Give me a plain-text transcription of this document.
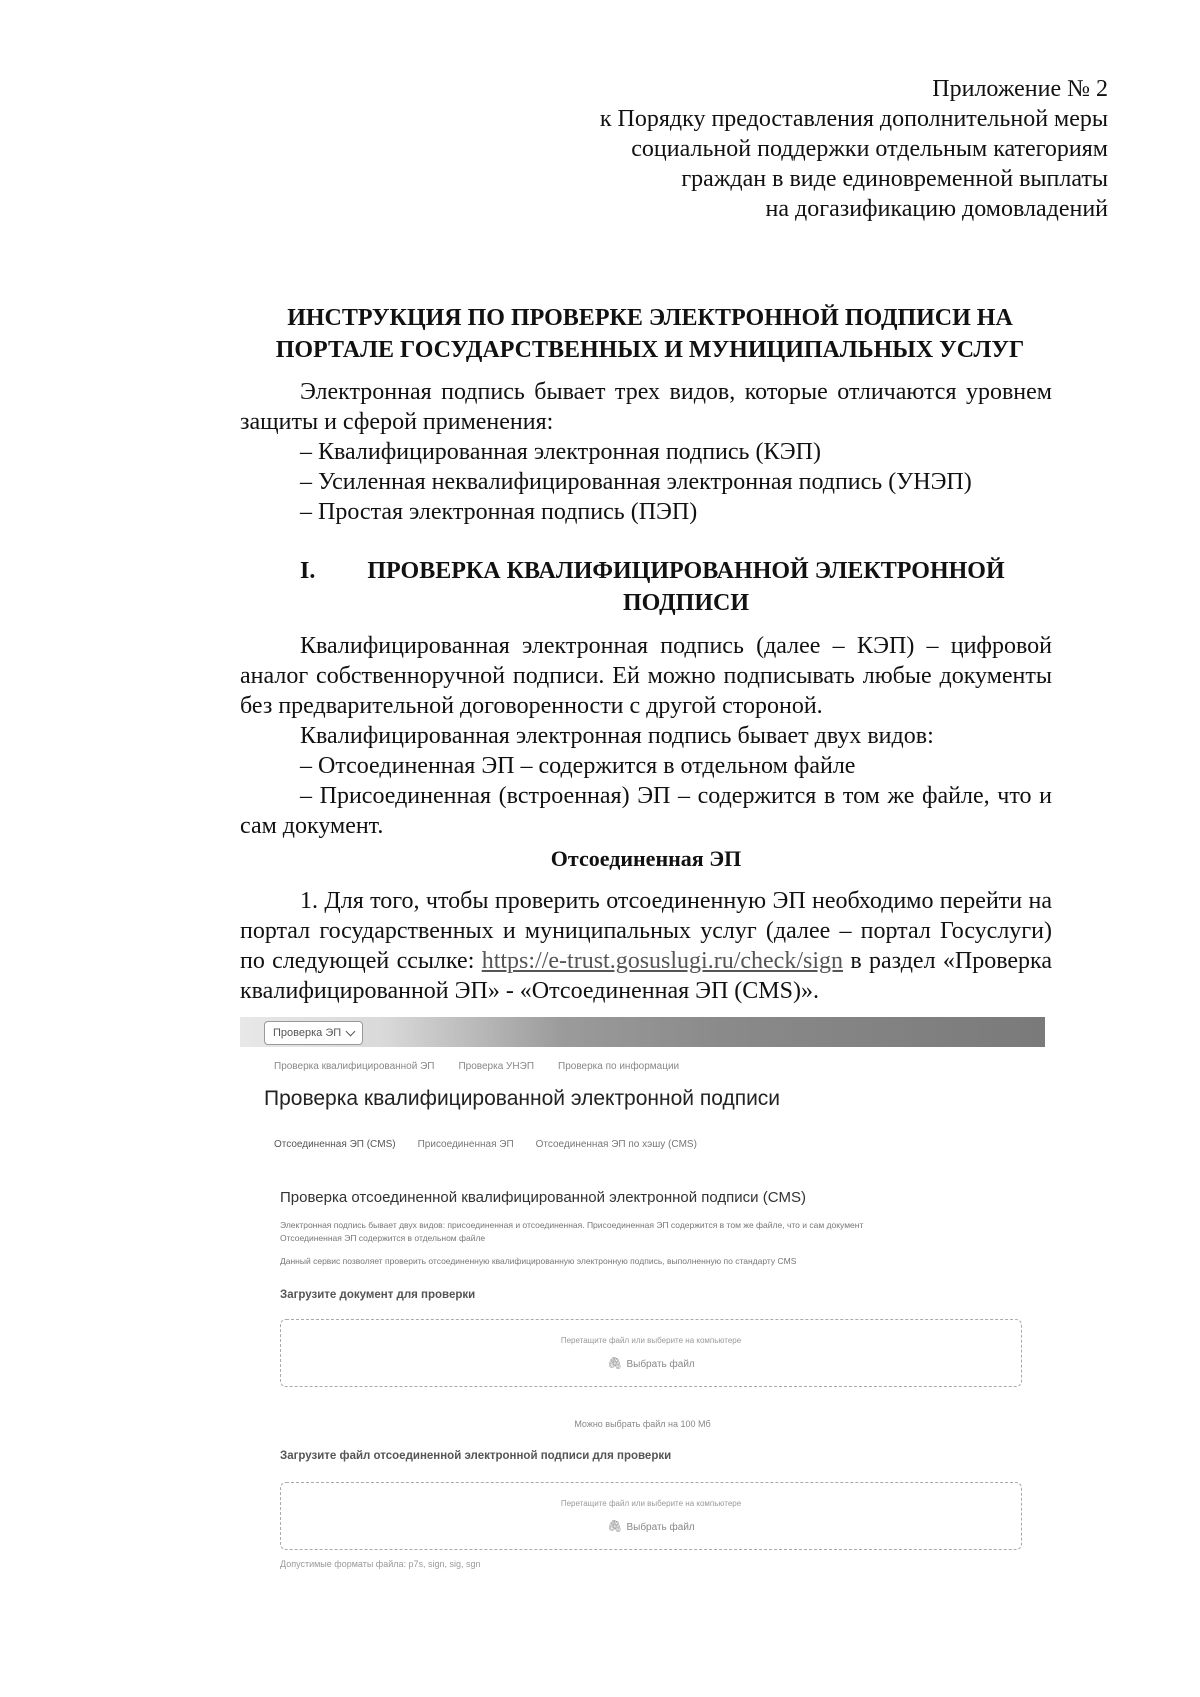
Приложение № 2
к Порядку предоставления дополнительной меры
социальной поддержки отдельным категориям
граждан в виде единовременной выплаты
на догазификацию домовладений
ИНСТРУКЦИЯ ПО ПРОВЕРКЕ ЭЛЕКТРОННОЙ ПОДПИСИ НА
ПОРТАЛЕ ГОСУДАРСТВЕННЫХ И МУНИЦИПАЛЬНЫХ УСЛУГ
Электронная подпись бывает трех видов, которые отличаются уровнем защиты и сферой применения:
– Квалифицированная электронная подпись (КЭП)
– Усиленная неквалифицированная электронная подпись (УНЭП)
– Простая электронная подпись (ПЭП)
I.	ПРОВЕРКА КВАЛИФИЦИРОВАННОЙ ЭЛЕКТРОННОЙ
ПОДПИСИ
Квалифицированная электронная подпись (далее – КЭП) – цифровой аналог собственноручной подписи. Ей можно подписывать любые документы без предварительной договоренности с другой стороной.
Квалифицированная электронная подпись бывает двух видов:
– Отсоединенная ЭП – содержится в отдельном файле
– Присоединенная (встроенная) ЭП – содержится в том же файле, что и сам документ.
Отсоединенная ЭП
1. Для того, чтобы проверить отсоединенную ЭП необходимо перейти на портал государственных и муниципальных услуг (далее – портал Госуслуги) по следующей ссылке: https://e-trust.gosuslugi.ru/check/sign в раздел «Проверка квалифицированной ЭП» - «Отсоединенная ЭП (CMS)».
Проверка ЭП
Проверка квалифицированной ЭП Проверка УНЭП Проверка по информации
Проверка квалифицированной электронной подписи
Отсоединенная ЭП (CMS) Присоединенная ЭП Отсоединенная ЭП по хэшу (CMS)
Проверка отсоединенной квалифицированной электронной подписи (CMS)
Электронная подпись бывает двух видов: присоединенная и отсоединенная. Присоединенная ЭП содержится в том же файле, что и сам документ
Отсоединенная ЭП содержится в отдельном файле
Данный сервис позволяет проверить отсоединенную квалифицированную электронную подпись, выполненную по стандарту CMS
Загрузите документ для проверки
Перетащите файл или выберите на компьютере
🖇︎ Выбрать файл
Можно выбрать файл на 100 Мб
Загрузите файл отсоединенной электронной подписи для проверки
Перетащите файл или выберите на компьютере
🖇︎ Выбрать файл
Допустимые форматы файла: p7s, sign, sig, sgn
